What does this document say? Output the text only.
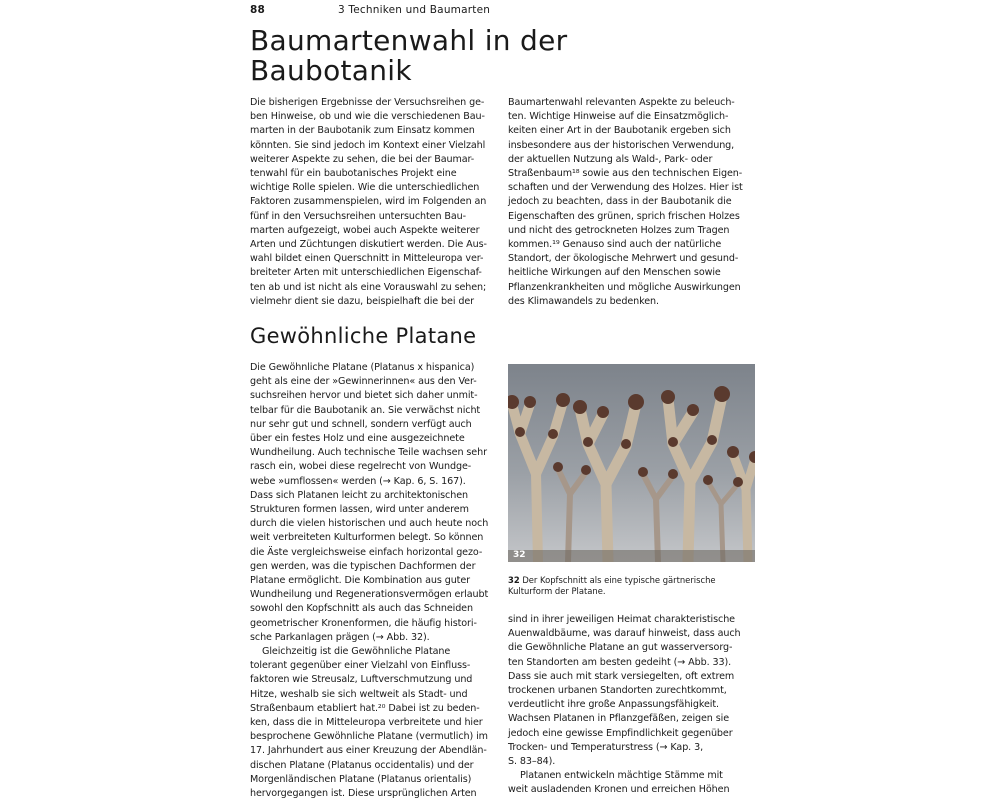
88	3 Techniken und Baumarten
Baumartenwahl in der
Baubotanik
Die bisherigen Ergebnisse der Versuchsreihen ge-
ben Hinweise, ob und wie die verschiedenen Bau-
marten in der Baubotanik zum Einsatz kommen
könnten. Sie sind jedoch im Kontext einer Vielzahl
weiterer Aspekte zu sehen, die bei der Baumar-
tenwahl für ein baubotanisches Projekt eine
wichtige Rolle spielen. Wie die unterschiedlichen
Faktoren zusammenspielen, wird im Folgenden an
fünf in den Versuchsreihen untersuchten Bau-
marten aufgezeigt, wobei auch Aspekte weiterer
Arten und Züchtungen diskutiert werden. Die Aus-
wahl bildet einen Querschnitt in Mitteleuropa ver-
breiteter Arten mit unterschiedlichen Eigenschaf-
ten ab und ist nicht als eine Vorauswahl zu sehen;
vielmehr dient sie dazu, beispielhaft die bei der
Baumartenwahl relevanten Aspekte zu beleuch-
ten. Wichtige Hinweise auf die Einsatzmöglich-
keiten einer Art in der Baubotanik ergeben sich
insbesondere aus der historischen Verwendung,
der aktuellen Nutzung als Wald-, Park- oder
Straßenbaum¹⁸ sowie aus den technischen Eigen-
schaften und der Verwendung des Holzes. Hier ist
jedoch zu beachten, dass in der Baubotanik die
Eigenschaften des grünen, sprich frischen Holzes
und nicht des getrockneten Holzes zum Tragen
kommen.¹⁹ Genauso sind auch der natürliche
Standort, der ökologische Mehrwert und gesund-
heitliche Wirkungen auf den Menschen sowie
Pflanzenkrankheiten und mögliche Auswirkungen
des Klimawandels zu bedenken.
Gewöhnliche Platane
Die Gewöhnliche Platane (Platanus x hispanica)
geht als eine der »Gewinnerinnen« aus den Ver-
suchsreihen hervor und bietet sich daher unmit-
telbar für die Baubotanik an. Sie verwächst nicht
nur sehr gut und schnell, sondern verfügt auch
über ein festes Holz und eine ausgezeichnete
Wundheilung. Auch technische Teile wachsen sehr
rasch ein, wobei diese regelrecht von Wundge-
webe »umflossen« werden (→ Kap. 6, S. 167).
Dass sich Platanen leicht zu architektonischen
Strukturen formen lassen, wird unter anderem
durch die vielen historischen und auch heute noch
weit verbreiteten Kulturformen belegt. So können
die Äste vergleichsweise einfach horizontal gezo-
gen werden, was die typischen Dachformen der
Platane ermöglicht. Die Kombination aus guter
Wundheilung und Regenerationsvermögen erlaubt
sowohl den Kopfschnitt als auch das Schneiden
geometrischer Kronenformen, die häufig histori-
sche Parkanlagen prägen (→ Abb. 32).
Gleichzeitig ist die Gewöhnliche Platane
tolerant gegenüber einer Vielzahl von Einfluss-
faktoren wie Streusalz, Luftverschmutzung und
Hitze, weshalb sie sich weltweit als Stadt- und
Straßenbaum etabliert hat.²⁰ Dabei ist zu beden-
ken, dass die in Mitteleuropa verbreitete und hier
besprochene Gewöhnliche Platane (vermutlich) im
17. Jahrhundert aus einer Kreuzung der Abendlän-
dischen Platane (Platanus occidentalis) und der
Morgenländischen Platane (Platanus orientalis)
hervorgegangen ist. Diese ursprünglichen Arten
32
32 Der Kopfschnitt als eine typische gärtnerische
Kulturform der Platane.
sind in ihrer jeweiligen Heimat charakteristische
Auenwaldbäume, was darauf hinweist, dass auch
die Gewöhnliche Platane an gut wasserversorg-
ten Standorten am besten gedeiht (→ Abb. 33).
Dass sie auch mit stark versiegelten, oft extrem
trockenen urbanen Standorten zurechtkommt,
verdeutlicht ihre große Anpassungsfähigkeit.
Wachsen Platanen in Pflanzgefäßen, zeigen sie
jedoch eine gewisse Empfindlichkeit gegenüber
Trocken- und Temperaturstress (→ Kap. 3,
S. 83–84).
Platanen entwickeln mächtige Stämme mit
weit ausladenden Kronen und erreichen Höhen
